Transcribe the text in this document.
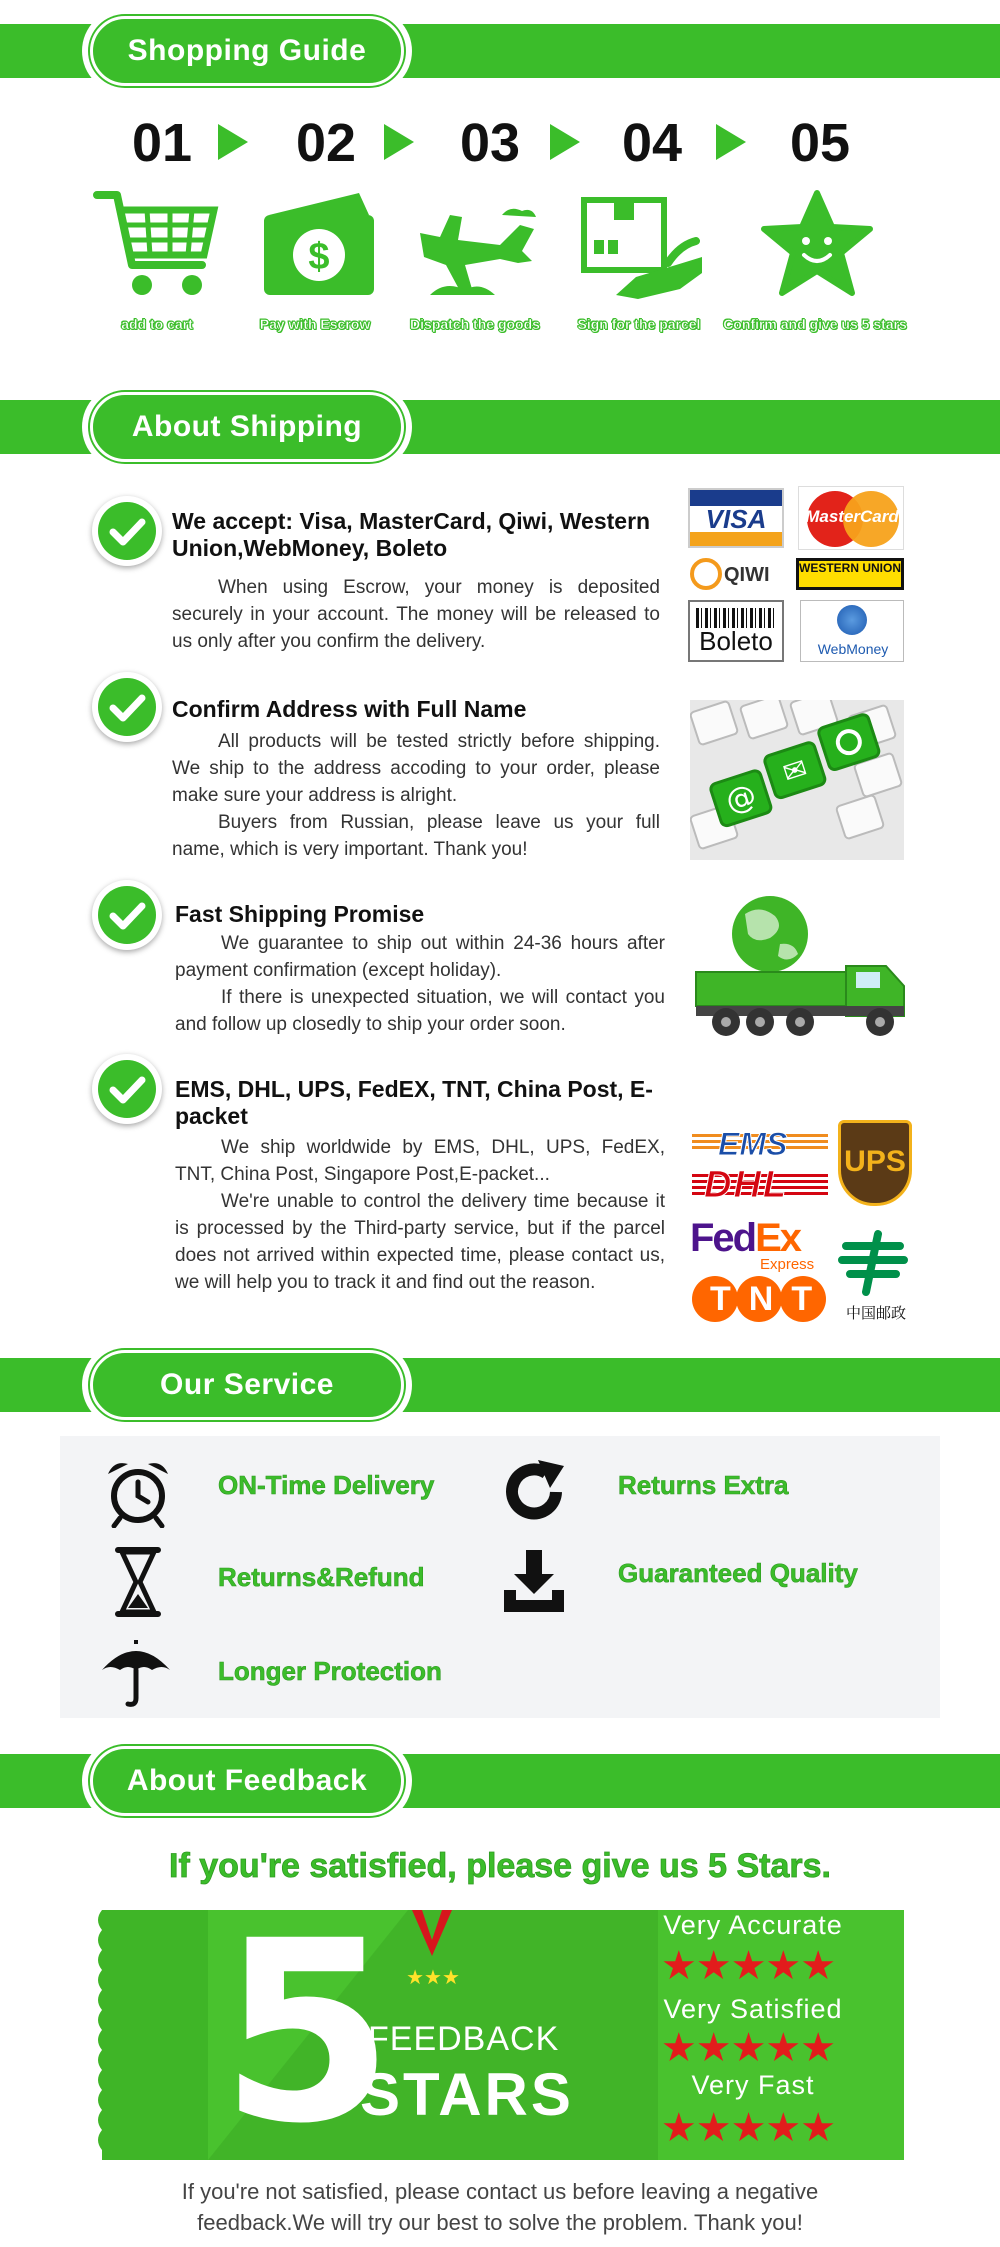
Shopping Guide
01	02	03	04	05
$
add to cart	Pay with Escrow	Dispatch the goods	Sign for the parcel	Confirm and give us 5 stars
About Shipping
We accept: Visa, MasterCard, Qiwi, Western Union,WebMoney, Boleto

When using Escrow, your money is deposited securely in your account. The money will be released to us only after you confirm the delivery.

VISA	MasterCard
QIWI WESTERN UNION
Boleto	WebMoney
Confirm Address with Full Name

All products will be tested strictly before shipping. We ship to the address accoding to your order, please make sure your address is alright.

Buyers from Russian, please leave us your full name, which is very important. Thank you!

@
✉
Fast Shipping Promise

We guarantee to ship out within 24-36 hours after payment confirmation (except holiday).

If there is unexpected situation, we will contact you and follow up closedly to ship your order soon.

EMS, DHL, UPS, FedEX, TNT, China Post, E-packet

We ship worldwide by EMS, DHL, UPS, FedEX, TNT, China Post, Singapore Post,E-packet...

We're unable to control the delivery time because it is processed by the Third-party service, but if the parcel does not arrived within expected time, please contact us, we will help you to track it and find out the reason.

EMS UPS
DHL
FedEx
Express
TNT	中国邮政
Our Service
ON-Time Delivery	Returns Extra
Returns&Refund	Guaranteed Quality
Longer Protection
About Feedback
If you're satisfied, please give us 5 Stars.
5 ★★★
FEEDBACK
STARS
Very Accurate
★★★★★
Very Satisfied
★★★★★
Very Fast
★★★★★
If you're not satisfied, please contact us before leaving a negative feedback.We will try our best to solve the problem. Thank you!
